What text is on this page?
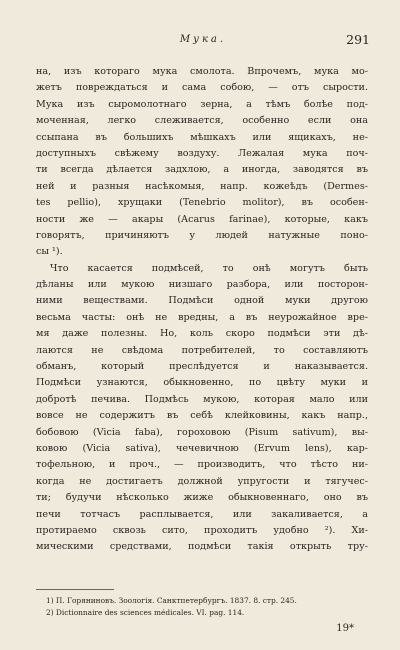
Мука.	291
на, изъ котораго мука смолота. Впрочемъ, мука мо-
жетъ повреждаться и сама собою, — отъ сырости.
Мука изъ сыромолотнаго зерна, а тѣмъ болѣе под-
моченная, легко слеживается, особенно если она
ссыпана въ большихъ мѣшкахъ или ящикахъ, не-
доступныхъ свѣжему воздуху. Лежалая мука поч-
ти всегда дѣлается задхлою, а иногда, заводятся въ
ней и разныя насѣкомыя, напр. кожеѣдъ (Dermes-
tes pellio), хрущаки (Tenebrio molitor), въ особен-
ности же — акары (Acarus farinae), которые, какъ
говорятъ, причиняютъ у людей натужные поно-
сы ¹).
Что касается подмѣсей, то онѣ могутъ быть
дѣланы или мукою низшаго разбора, или посторон-
ними веществами. Подмѣси одной муки другою
весьма часты: онѣ не вредны, а въ неурожайное вре-
мя даже полезны. Но, коль скоро подмѣси эти дѣ-
лаются не свѣдома потребителей, то составляютъ
обманъ, который преслѣдуется и наказывается.
Подмѣси узнаются, обыкновенно, по цвѣту муки и
добротѣ печива. Подмѣсь мукою, которая мало или
вовсе не содержитъ въ себѣ клейковины, какъ напр.,
бобовою (Vicia faba), гороховою (Pisum sativum), вы-
ковою (Vicia sativa), чечевичною (Ervum lens), кар-
тофельною, и проч., — производитъ, что тѣсто ни-
когда не достигаетъ должной упругости и тягучес-
ти; будучи нѣсколько жиже обыкновеннаго, оно въ
печи тотчасъ расплывается, или закаливается, а
протираемо сквозь сито, проходитъ удобно ²). Хи-
мическими средствами, подмѣси такія открыть тру-
1) П. Горяниновъ. Зоологія. Санктпетербургъ. 1837. 8. стр. 245.
2) Dictionnaire des sciences médicales. VI. pag. 114.
19*
